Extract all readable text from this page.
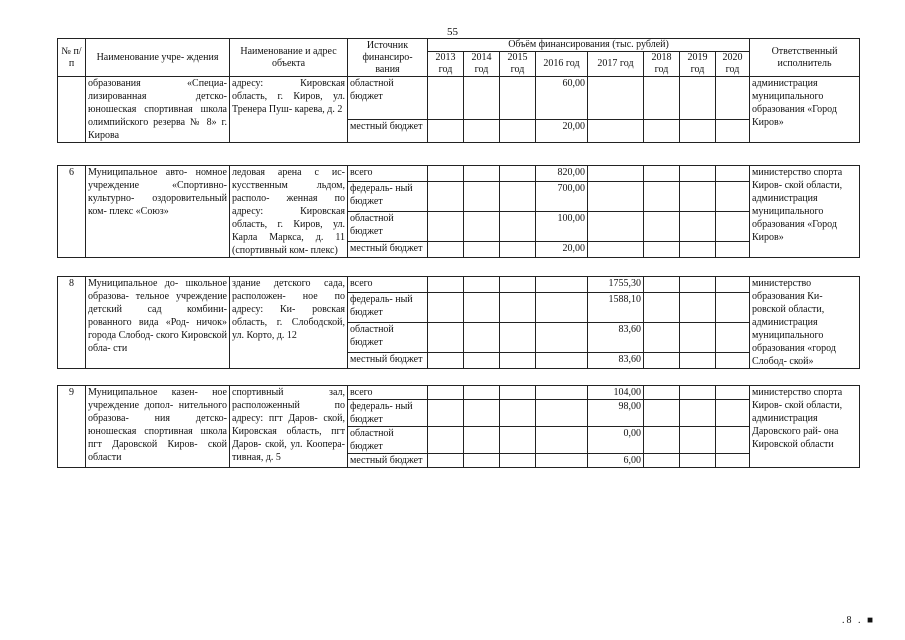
55
№ п/п	Наименование учре- ждения	Наименование и адрес объекта	Источник финансиро- вания	Объём финансирования (тыс. рублей)								Ответственный исполнитель
				2013 год	2014 год	2015 год	2016 год	2017 год	2018 год	2019 год	2020 год	
	образования «Специа- лизированная детско- юношеская спортивная школа олимпийского резерва № 8» г. Кирова	адресу: Кировская область, г. Киров, ул. Тренера Пуш- карева, д. 2	областной бюджет				60,00					администрация муниципального образования «Город Киров»
			местный бюджет				20,00					

6	Муниципальное авто- номное учреждение «Спортивно-культурно- оздоровительный ком- плекс «Союз»	ледовая арена с ис- кусственным льдом, располо- женная по адресу: Кировская область, г. Киров, ул. Карла Маркса, д. 11 (спортивный ком- плекс)	всего				820,00					министерство спорта Киров- ской области, администрация муниципального образования «Город Киров»
			федераль- ный бюджет				700,00					
			областной бюджет				100,00					
			местный бюджет				20,00					

8	Муниципальное до- школьное образова- тельное учреждение детский сад комбини- рованного вида «Род- ничок» города Слобод- ского Кировской обла- сти	здание детского сада, расположен- ное по адресу: Ки- ровская область, г. Слободской, ул. Корто, д. 12	всего					1755,30				министерство образования Ки- ровской области, администрация муниципального образования «город Слобод- ской»
			федераль- ный бюджет					1588,10				
			областной бюджет					83,60				
			местный бюджет					83,60				

9	Муниципальное казен- ное учреждение допол- нительного образова- ния детско-юношеская спортивная школа пгт Даровской Киров- ской области	спортивный зал, расположенный по адресу: пгт Даров- ской, Кировская область, пгт Даров- ской, ул. Коопера- тивная, д. 5	всего					104,00				министерство спорта Киров- ской области, администрация Даровского рай- она Кировской области
			федераль- ный бюджет					98,00				
			областной бюджет					0,00				
			местный бюджет					6,00				
.8 . ■
